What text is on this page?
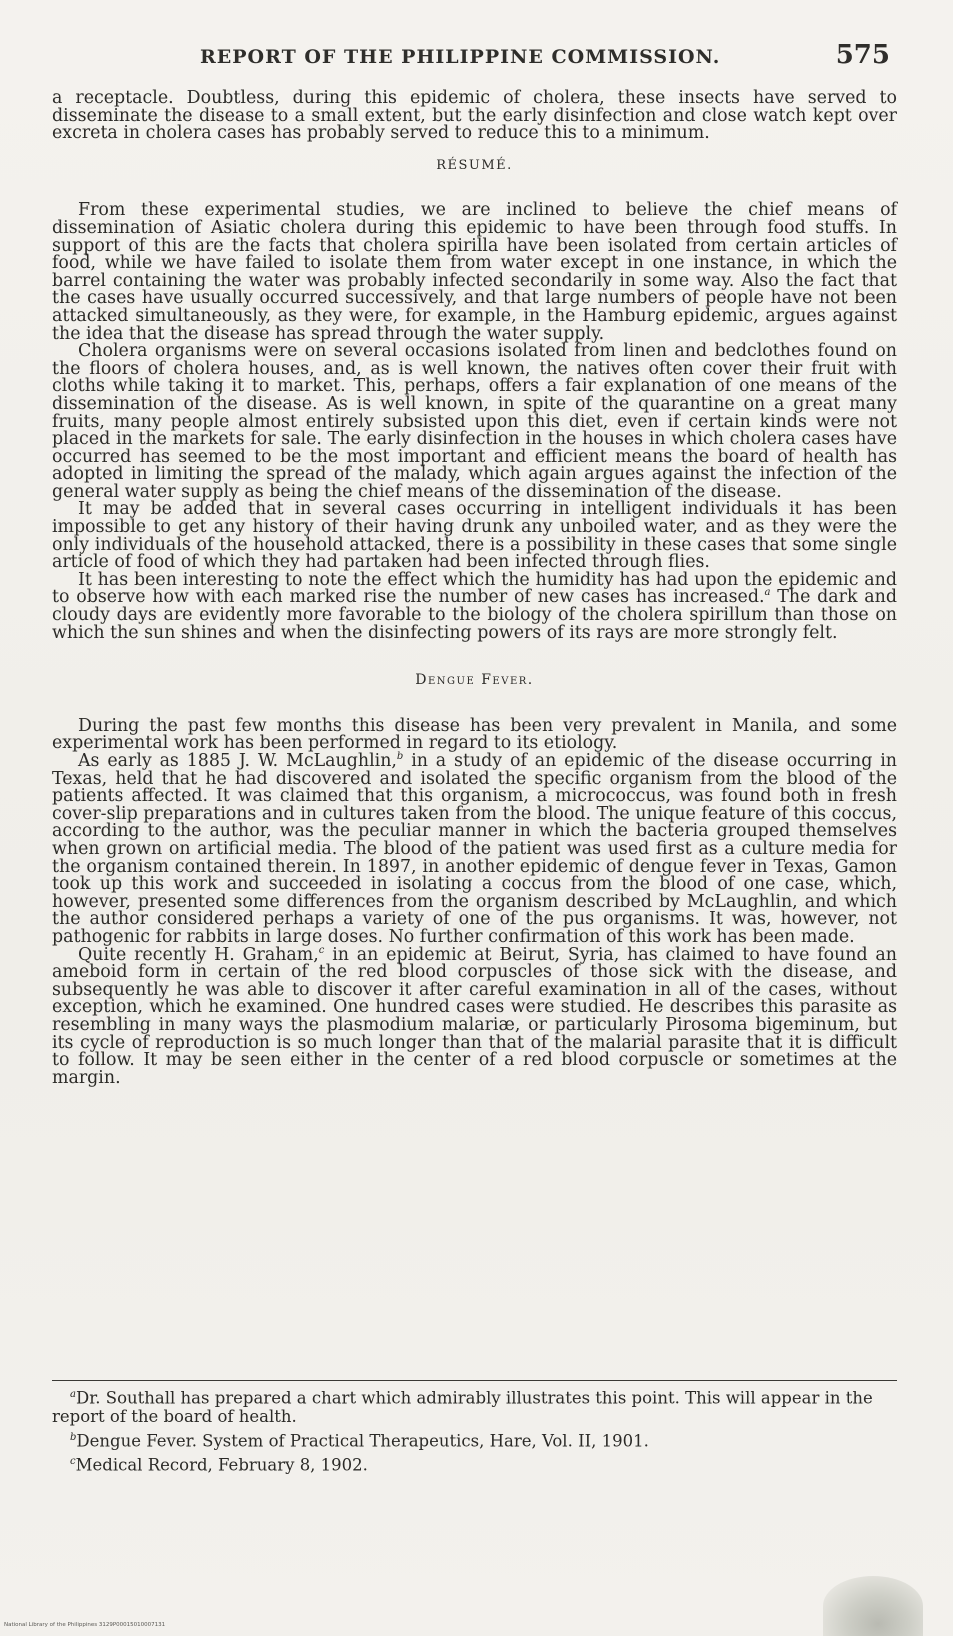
REPORT OF THE PHILIPPINE COMMISSION.	575

a receptacle. Doubtless, during this epidemic of cholera, these insects have served to disseminate the disease to a small extent, but the early disinfection and close watch kept over excreta in cholera cases has probably served to reduce this to a minimum.

RÉSUMÉ.

From these experimental studies, we are inclined to believe the chief means of dissemination of Asiatic cholera during this epidemic to have been through food stuffs. In support of this are the facts that cholera spirilla have been isolated from certain articles of food, while we have failed to isolate them from water except in one instance, in which the barrel containing the water was probably infected secondarily in some way. Also the fact that the cases have usually occurred successively, and that large numbers of people have not been attacked simultaneously, as they were, for example, in the Hamburg epidemic, argues against the idea that the disease has spread through the water supply.

Cholera organisms were on several occasions isolated from linen and bedclothes found on the floors of cholera houses, and, as is well known, the natives often cover their fruit with cloths while taking it to market. This, perhaps, offers a fair explanation of one means of the dissemination of the disease. As is well known, in spite of the quarantine on a great many fruits, many people almost entirely subsisted upon this diet, even if certain kinds were not placed in the markets for sale. The early disinfection in the houses in which cholera cases have occurred has seemed to be the most important and efficient means the board of health has adopted in limiting the spread of the malady, which again argues against the infection of the general water supply as being the chief means of the dissemination of the disease.

It may be added that in several cases occurring in intelligent individuals it has been impossible to get any history of their having drunk any unboiled water, and as they were the only individuals of the household attacked, there is a possibility in these cases that some single article of food of which they had partaken had been infected through flies.

It has been interesting to note the effect which the humidity has had upon the epidemic and to observe how with each marked rise the number of new cases has increased.$^a$ The dark and cloudy days are evidently more favorable to the biology of the cholera spirillum than those on which the sun shines and when the disinfecting powers of its rays are more strongly felt.

Dengue Fever.

During the past few months this disease has been very prevalent in Manila, and some experimental work has been performed in regard to its etiology.

As early as 1885 J. W. McLaughlin,$^b$ in a study of an epidemic of the disease occurring in Texas, held that he had discovered and isolated the specific organism from the blood of the patients affected. It was claimed that this organism, a micrococcus, was found both in fresh cover-slip preparations and in cultures taken from the blood. The unique feature of this coccus, according to the author, was the peculiar manner in which the bacteria grouped themselves when grown on artificial media. The blood of the patient was used first as a culture media for the organism contained therein. In 1897, in another epidemic of dengue fever in Texas, Gamon took up this work and succeeded in isolating a coccus from the blood of one case, which, however, presented some differences from the organism described by McLaughlin, and which the author considered perhaps a variety of one of the pus organisms. It was, however, not pathogenic for rabbits in large doses. No further confirmation of this work has been made.

Quite recently H. Graham,$^c$ in an epidemic at Beirut, Syria, has claimed to have found an ameboid form in certain of the red blood corpuscles of those sick with the disease, and subsequently he was able to discover it after careful examination in all of the cases, without exception, which he examined. One hundred cases were studied. He describes this parasite as resembling in many ways the plasmodium malariæ, or particularly Pirosoma bigeminum, but its cycle of reproduction is so much longer than that of the malarial parasite that it is difficult to follow. It may be seen either in the center of a red blood corpuscle or sometimes at the margin.

$^a$Dr. Southall has prepared a chart which admirably illustrates this point. This will appear in the report of the board of health.

$^b$Dengue Fever. System of Practical Therapeutics, Hare, Vol. II, 1901.

$^c$Medical Record, February 8, 1902.

National Library of the Philippines 3129P00015010007131
